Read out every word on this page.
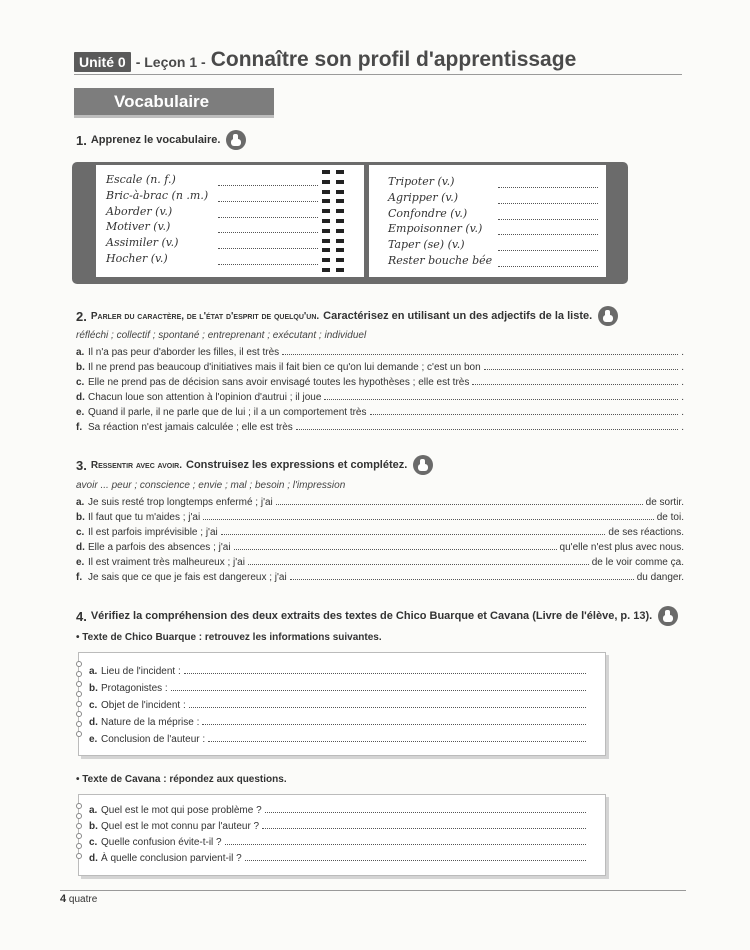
Unité 0 - Leçon 1 - Connaître son profil d'apprentissage
Vocabulaire
1. Apprenez le vocabulaire.
2. Parler du caractère, de l'état d'esprit de quelqu'un. Caractérisez en utilisant un des adjectifs de la liste.
réfléchi ; collectif ; spontané ; entreprenant ; exécutant ; individuel
a. Il n'a pas peur d'aborder les filles, il est très	.
b. Il ne prend pas beaucoup d'initiatives mais il fait bien ce qu'on lui demande ; c'est un bon	.
c. Elle ne prend pas de décision sans avoir envisagé toutes les hypothèses ; elle est très	.
d. Chacun loue son attention à l'opinion d'autrui ; il joue	.
e. Quand il parle, il ne parle que de lui ; il a un comportement très	.
f. Sa réaction n'est jamais calculée ; elle est très	.
3. Ressentir avec avoir. Construisez les expressions et complétez.
avoir ... peur ; conscience ; envie ; mal ; besoin ; l'impression
a. Je suis resté trop longtemps enfermé ; j'ai	de sortir.
b. Il faut que tu m'aides ; j'ai	de toi.
c. Il est parfois imprévisible ; j'ai	de ses réactions.
d. Elle a parfois des absences ; j'ai	qu'elle n'est plus avec nous.
e. Il est vraiment très malheureux ; j'ai	de le voir comme ça.
f. Je sais que ce que je fais est dangereux ; j'ai	du danger.
4. Vérifiez la compréhension des deux extraits des textes de Chico Buarque et Cavana (Livre de l'élève, p. 13).
• Texte de Chico Buarque : retrouvez les informations suivantes.
a. Lieu de l'incident :
b. Protagonistes :
c. Objet de l'incident :
d. Nature de la méprise :
e. Conclusion de l'auteur :
• Texte de Cavana : répondez aux questions.
a. Quel est le mot qui pose problème ?
b. Quel est le mot connu par l'auteur ?
c. Quelle confusion évite-t-il ?
d. À quelle conclusion parvient-il ?
4 quatre
Escale (n. f.)	Tripoter (v.)
Bric-à-brac (n .m.)	Agripper (v.)
Aborder (v.)	Confondre (v.)
Motiver (v.)	Empoisonner (v.)
Assimiler (v.)	Taper (se) (v.)
Hocher (v.)	Rester bouche bée
